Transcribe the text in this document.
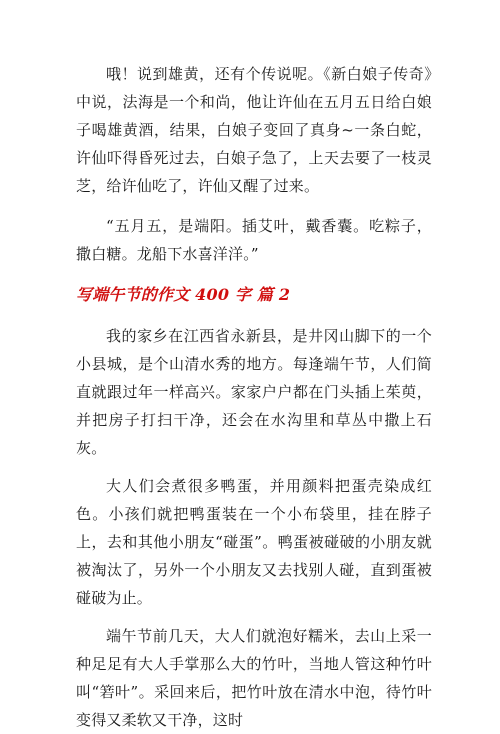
哦！说到雄黄，还有个传说呢。《新白娘子传奇》中说，法海是一个和尚，他让许仙在五月五日给白娘子喝雄黄酒，结果，白娘子变回了真身~一条白蛇，许仙吓得昏死过去，白娘子急了，上天去要了一枝灵芝，给许仙吃了，许仙又醒了过来。

“五月五，是端阳。插艾叶，戴香囊。吃粽子，撒白糖。龙船下水喜洋洋。”

写端午节的作文 400 字 篇 2

我的家乡在江西省永新县，是井冈山脚下的一个小县城，是个山清水秀的地方。每逢端午节，人们简直就跟过年一样高兴。家家户户都在门头插上茱萸，并把房子打扫干净，还会在水沟里和草丛中撒上石灰。

大人们会煮很多鸭蛋，并用颜料把蛋壳染成红色。小孩们就把鸭蛋装在一个小布袋里，挂在脖子上，去和其他小朋友“碰蛋”。鸭蛋被碰破的小朋友就被淘汰了，另外一个小朋友又去找别人碰，直到蛋被碰破为止。

端午节前几天，大人们就泡好糯米，去山上采一种足足有大人手掌那么大的竹叶，当地人管这种竹叶叫“箬叶”。采回来后，把竹叶放在清水中泡，待竹叶变得又柔软又干净，这时
